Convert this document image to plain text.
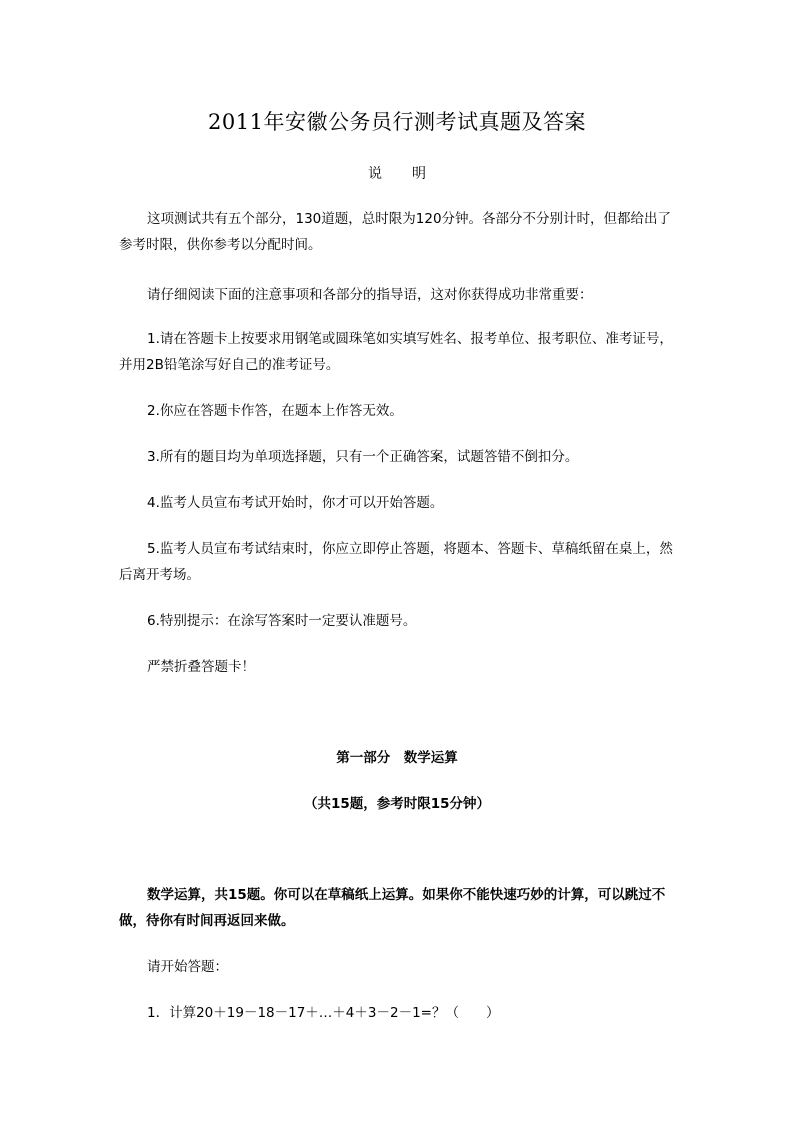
2011年安徽公务员行测考试真题及答案
说 明
这项测试共有五个部分，130道题，总时限为120分钟。各部分不分别计时，但都给出了参考时限，供你参考以分配时间。
请仔细阅读下面的注意事项和各部分的指导语，这对你获得成功非常重要：
1.请在答题卡上按要求用钢笔或圆珠笔如实填写姓名、报考单位、报考职位、准考证号，并用2B铅笔涂写好自己的准考证号。
2.你应在答题卡作答，在题本上作答无效。
3.所有的题目均为单项选择题，只有一个正确答案，试题答错不倒扣分。
4.监考人员宣布考试开始时，你才可以开始答题。
5.监考人员宣布考试结束时，你应立即停止答题，将题本、答题卡、草稿纸留在桌上，然后离开考场。
6.特别提示：在涂写答案时一定要认准题号。
严禁折叠答题卡！
第一部分　数学运算
（共15题，参考时限15分钟）
数学运算，共15题。你可以在草稿纸上运算。如果你不能快速巧妙的计算，可以跳过不做，待你有时间再返回来做。
请开始答题：
1．计算20＋19－18－17＋…＋4＋3－2－1=？（　　）
